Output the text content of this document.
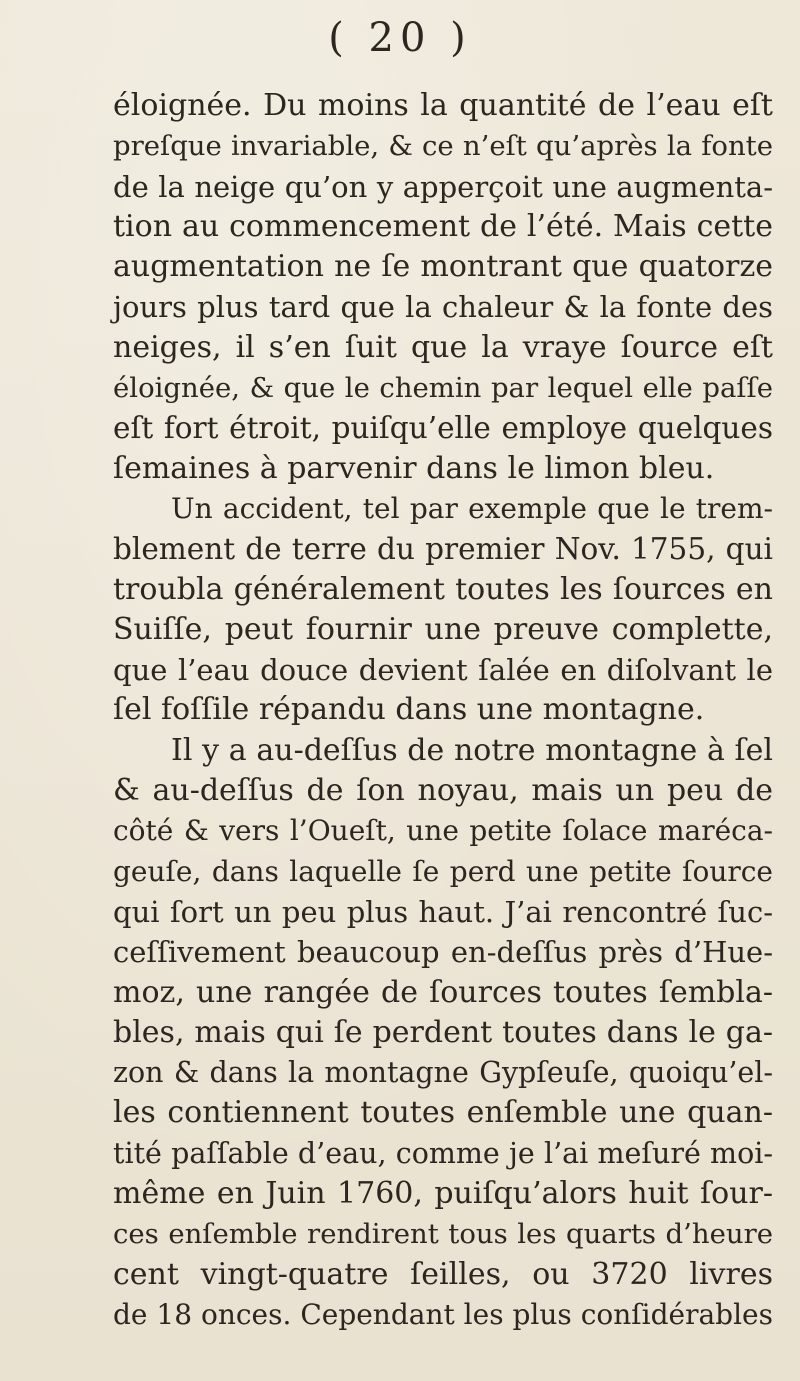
( 20 )
éloignée. Du moins la quantité de l’eau eſt
preſque invariable, & ce n’eſt qu’après la fonte
de la neige qu’on y apperçoit une augmenta-
tion au commencement de l’été. Mais cette
augmentation ne ſe montrant que quatorze
jours plus tard que la chaleur & la fonte des
neiges, il s’en ſuit que la vraye ſource eſt
éloignée, & que le chemin par lequel elle paſſe
eſt fort étroit, puiſqu’elle employe quelques
ſemaines à parvenir dans le limon bleu.
Un accident, tel par exemple que le trem-
blement de terre du premier Nov. 1755, qui
troubla généralement toutes les ſources en
Suiſſe, peut fournir une preuve complette,
que l’eau douce devient ſalée en diſolvant le
ſel foſſile répandu dans une montagne.
Il y a au-deſſus de notre montagne à ſel
& au-deſſus de ſon noyau, mais un peu de
côté & vers l’Oueſt, une petite ſolace maréca-
geuſe, dans laquelle ſe perd une petite ſource
qui ſort un peu plus haut. J’ai rencontré ſuc-
ceſſivement beaucoup en-deſſus près d’Hue-
moz, une rangée de ſources toutes ſembla-
bles, mais qui ſe perdent toutes dans le ga-
zon & dans la montagne Gypſeuſe, quoiqu’el-
les contiennent toutes enſemble une quan-
tité paſſable d’eau, comme je l’ai meſuré moi-
même en Juin 1760, puiſqu’alors huit ſour-
ces enſemble rendirent tous les quarts d’heure
cent vingt-quatre ſeilles, ou 3720 livres
de 18 onces. Cependant les plus conſidérables
